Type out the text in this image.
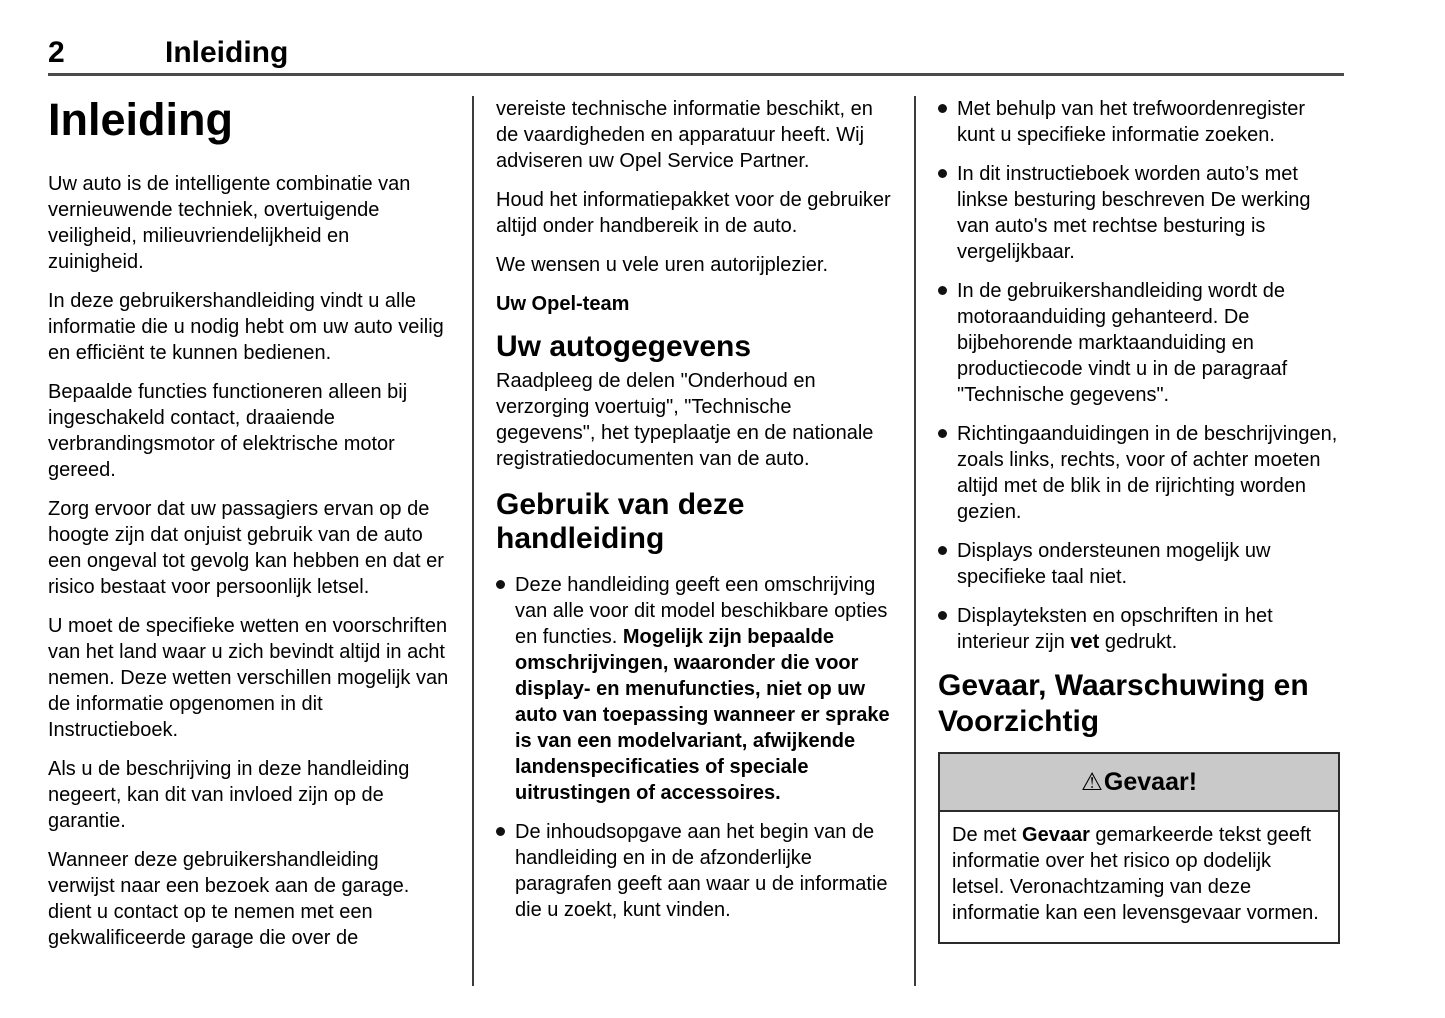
2	Inleiding
Inleiding

Uw auto is de intelligente combinatie van vernieuwende techniek, overtuigende veiligheid, milieuvriendelijkheid en zuinigheid.

In deze gebruikershandleiding vindt u alle informatie die u nodig hebt om uw auto veilig en efficiënt te kunnen bedienen.

Bepaalde functies functioneren alleen bij ingeschakeld contact, draaiende verbrandingsmotor of elektrische motor gereed.

Zorg ervoor dat uw passagiers ervan op de hoogte zijn dat onjuist gebruik van de auto een ongeval tot gevolg kan hebben en dat er risico bestaat voor persoonlijk letsel.

U moet de specifieke wetten en voorschriften van het land waar u zich bevindt altijd in acht nemen. Deze wetten verschillen mogelijk van de informatie opgenomen in dit Instructieboek.

Als u de beschrijving in deze handleiding negeert, kan dit van invloed zijn op de garantie.

Wanneer deze gebruikershandleiding verwijst naar een bezoek aan de garage. dient u contact op te nemen met een gekwalificeerde garage die over de

vereiste technische informatie beschikt, en de vaardigheden en apparatuur heeft. Wij adviseren uw Opel Service Partner.

Houd het informatiepakket voor de gebruiker altijd onder handbereik in de auto.

We wensen u vele uren autorijplezier.

Uw Opel-team

Uw autogegevens

Raadpleeg de delen "Onderhoud en verzorging voertuig", "Technische gegevens", het typeplaatje en de nationale registratiedocumenten van de auto.

Gebruik van deze handleiding
Deze handleiding geeft een omschrijving van alle voor dit model beschikbare opties en functies. Mogelijk zijn bepaalde omschrijvingen, waaronder die voor display- en menufuncties, niet op uw auto van toepassing wanneer er sprake is van een modelvariant, afwijkende landenspecificaties of speciale uitrustingen of accessoires.
De inhoudsopgave aan het begin van de handleiding en in de afzonderlijke paragrafen geeft aan waar u de informatie die u zoekt, kunt vinden.
Met behulp van het trefwoordenregister kunt u specifieke informatie zoeken.
In dit instructieboek worden auto’s met linkse besturing beschreven De werking van auto's met rechtse besturing is vergelijkbaar.
In de gebruikershandleiding wordt de motoraanduiding gehanteerd. De bijbehorende marktaanduiding en productiecode vindt u in de paragraaf "Technische gegevens".
Richtingaanduidingen in de beschrijvingen, zoals links, rechts, voor of achter moeten altijd met de blik in de rijrichting worden gezien.
Displays ondersteunen mogelijk uw specifieke taal niet.
Displayteksten en opschriften in het interieur zijn vet gedrukt.
Gevaar, Waarschuwing en Voorzichtig
⚠Gevaar!
De met Gevaar gemarkeerde tekst geeft informatie over het risico op dodelijk letsel. Veronachtzaming van deze informatie kan een levensgevaar vormen.
